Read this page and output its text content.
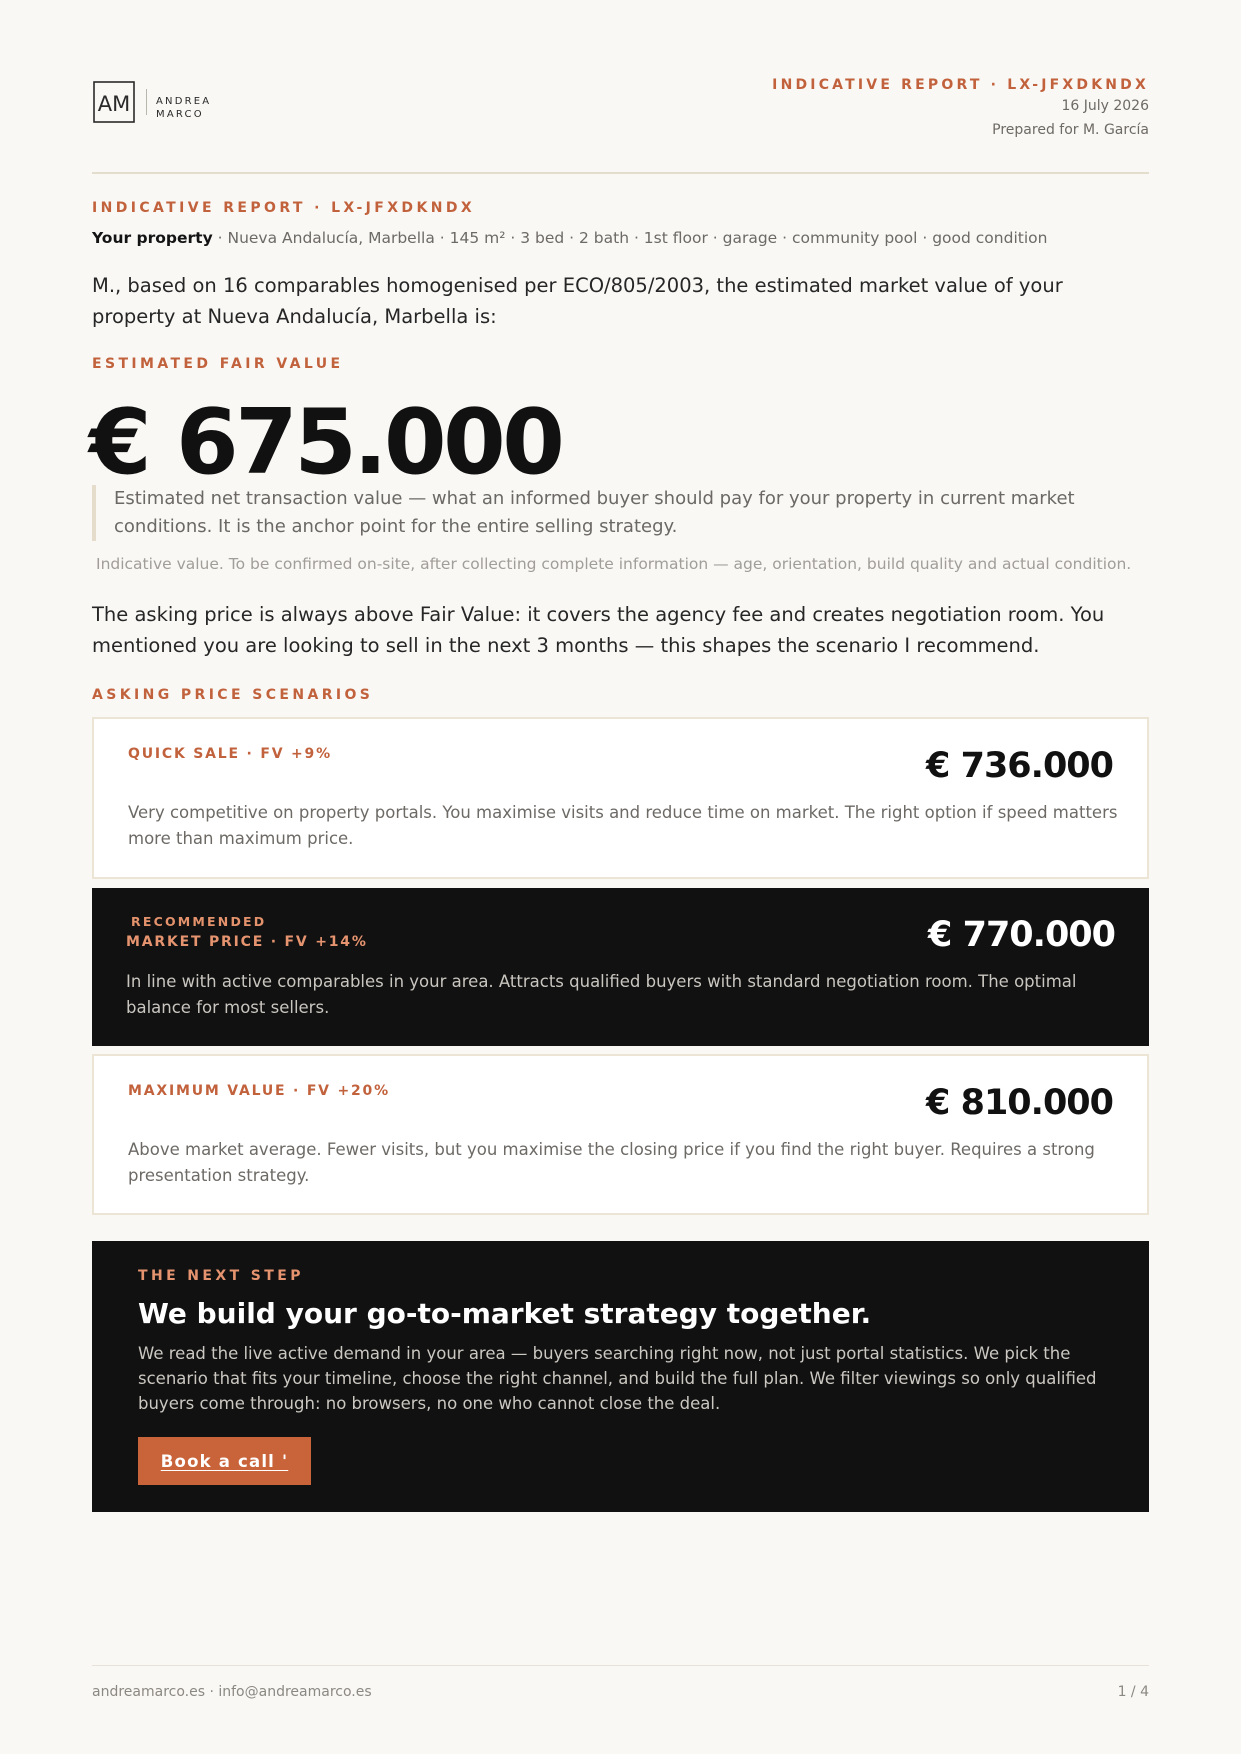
AM	ANDREA
MARCO
INDICATIVE REPORT · LX-JFXDKNDX
16 July 2026
Prepared for M. García
INDICATIVE REPORT · LX-JFXDKNDX
Your property · Nueva Andalucía, Marbella · 145 m² · 3 bed · 2 bath · 1st floor · garage · community pool · good condition
M., based on 16 comparables homogenised per ECO/805/2003, the estimated market value of your property at Nueva Andalucía, Marbella is:
ESTIMATED FAIR VALUE
€ 675.000
Estimated net transaction value — what an informed buyer should pay for your property in current market conditions. It is the anchor point for the entire selling strategy.
Indicative value. To be confirmed on-site, after collecting complete information — age, orientation, build quality and actual condition.
The asking price is always above Fair Value: it covers the agency fee and creates negotiation room. You mentioned you are looking to sell in the next 3 months — this shapes the scenario I recommend.
ASKING PRICE SCENARIOS
QUICK SALE · FV +9%	€ 736.000
Very competitive on property portals. You maximise visits and reduce time on market. The right option if speed matters more than maximum price.
RECOMMENDED
MARKET PRICE · FV +14%	€ 770.000
In line with active comparables in your area. Attracts qualified buyers with standard negotiation room. The optimal balance for most sellers.
MAXIMUM VALUE · FV +20%	€ 810.000
Above market average. Fewer visits, but you maximise the closing price if you find the right buyer. Requires a strong presentation strategy.
THE NEXT STEP
We build your go-to-market strategy together.
We read the live active demand in your area — buyers searching right now, not just portal statistics. We pick the scenario that fits your timeline, choose the right channel, and build the full plan. We filter viewings so only qualified buyers come through: no browsers, no one who cannot close the deal.
Book a call '
andreamarco.es · info@andreamarco.es	1 / 4
